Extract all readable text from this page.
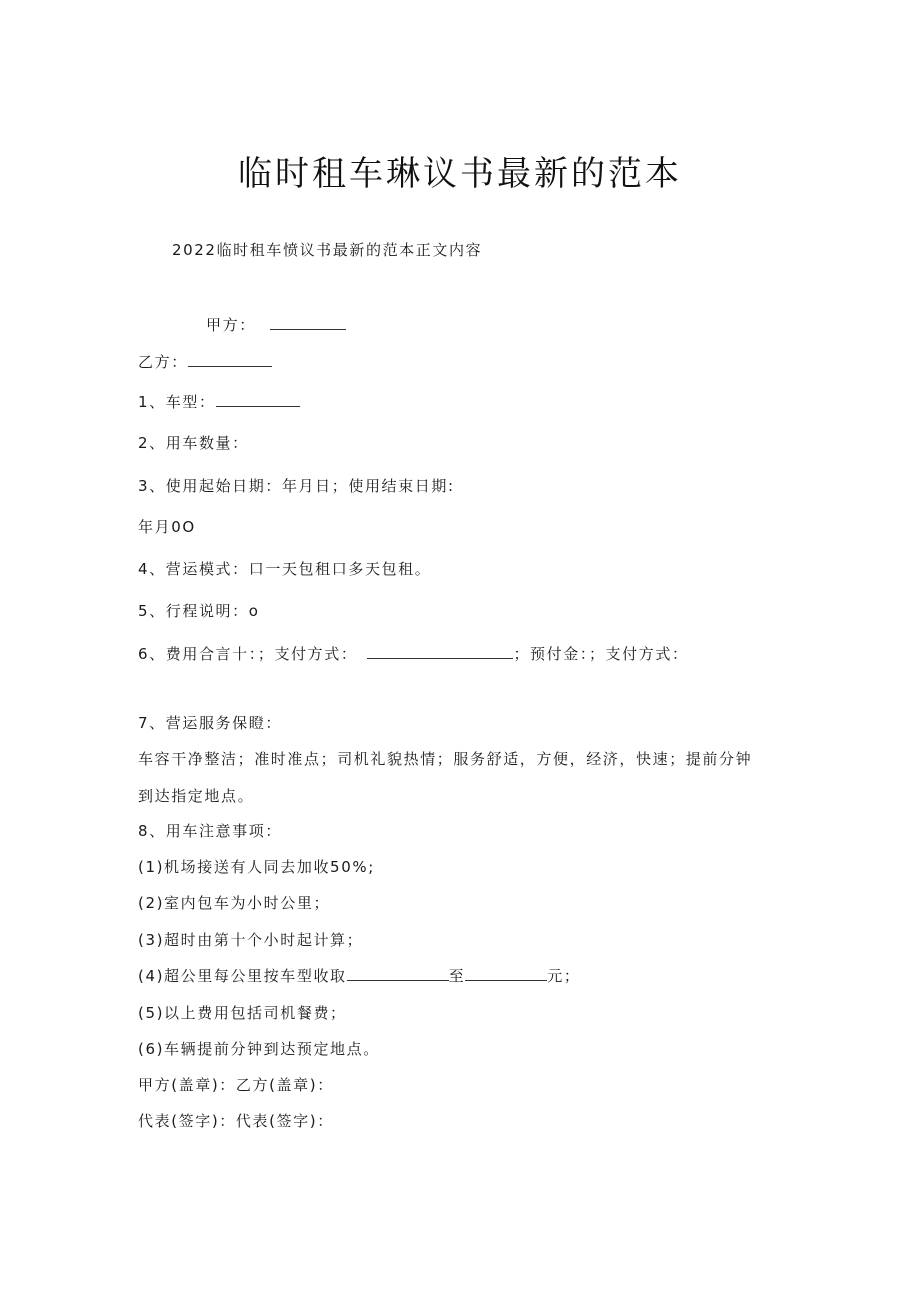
临时租车琳议书最新的范本
2022临时租车愤议书最新的范本正文内容
甲方：
乙方：
1、车型：
2、用车数量：
3、使用起始日期：年月日；使用结束日期:
年月0O
4、营运模式：口一天包租口多天包租。
5、行程说明：o
6、费用合言十：；支付方式：	；预付金：；支付方式：
7、营运服务保瞪：
车容干净整洁；准时准点；司机礼貌热情；服务舒适，方便，经济，快速；提前分钟
到达指定地点。
8、用车注意事项：
(1)机场接送有人同去加收50%;
(2)室内包车为小时公里；
(3)超时由第十个小时起计算；
(4)超公里每公里按车型收取	至	元；
(5)以上费用包括司机餐费；
(6)车辆提前分钟到达预定地点。
甲方(盖章)：乙方(盖章)：
代表(签字)：代表(签字)：
